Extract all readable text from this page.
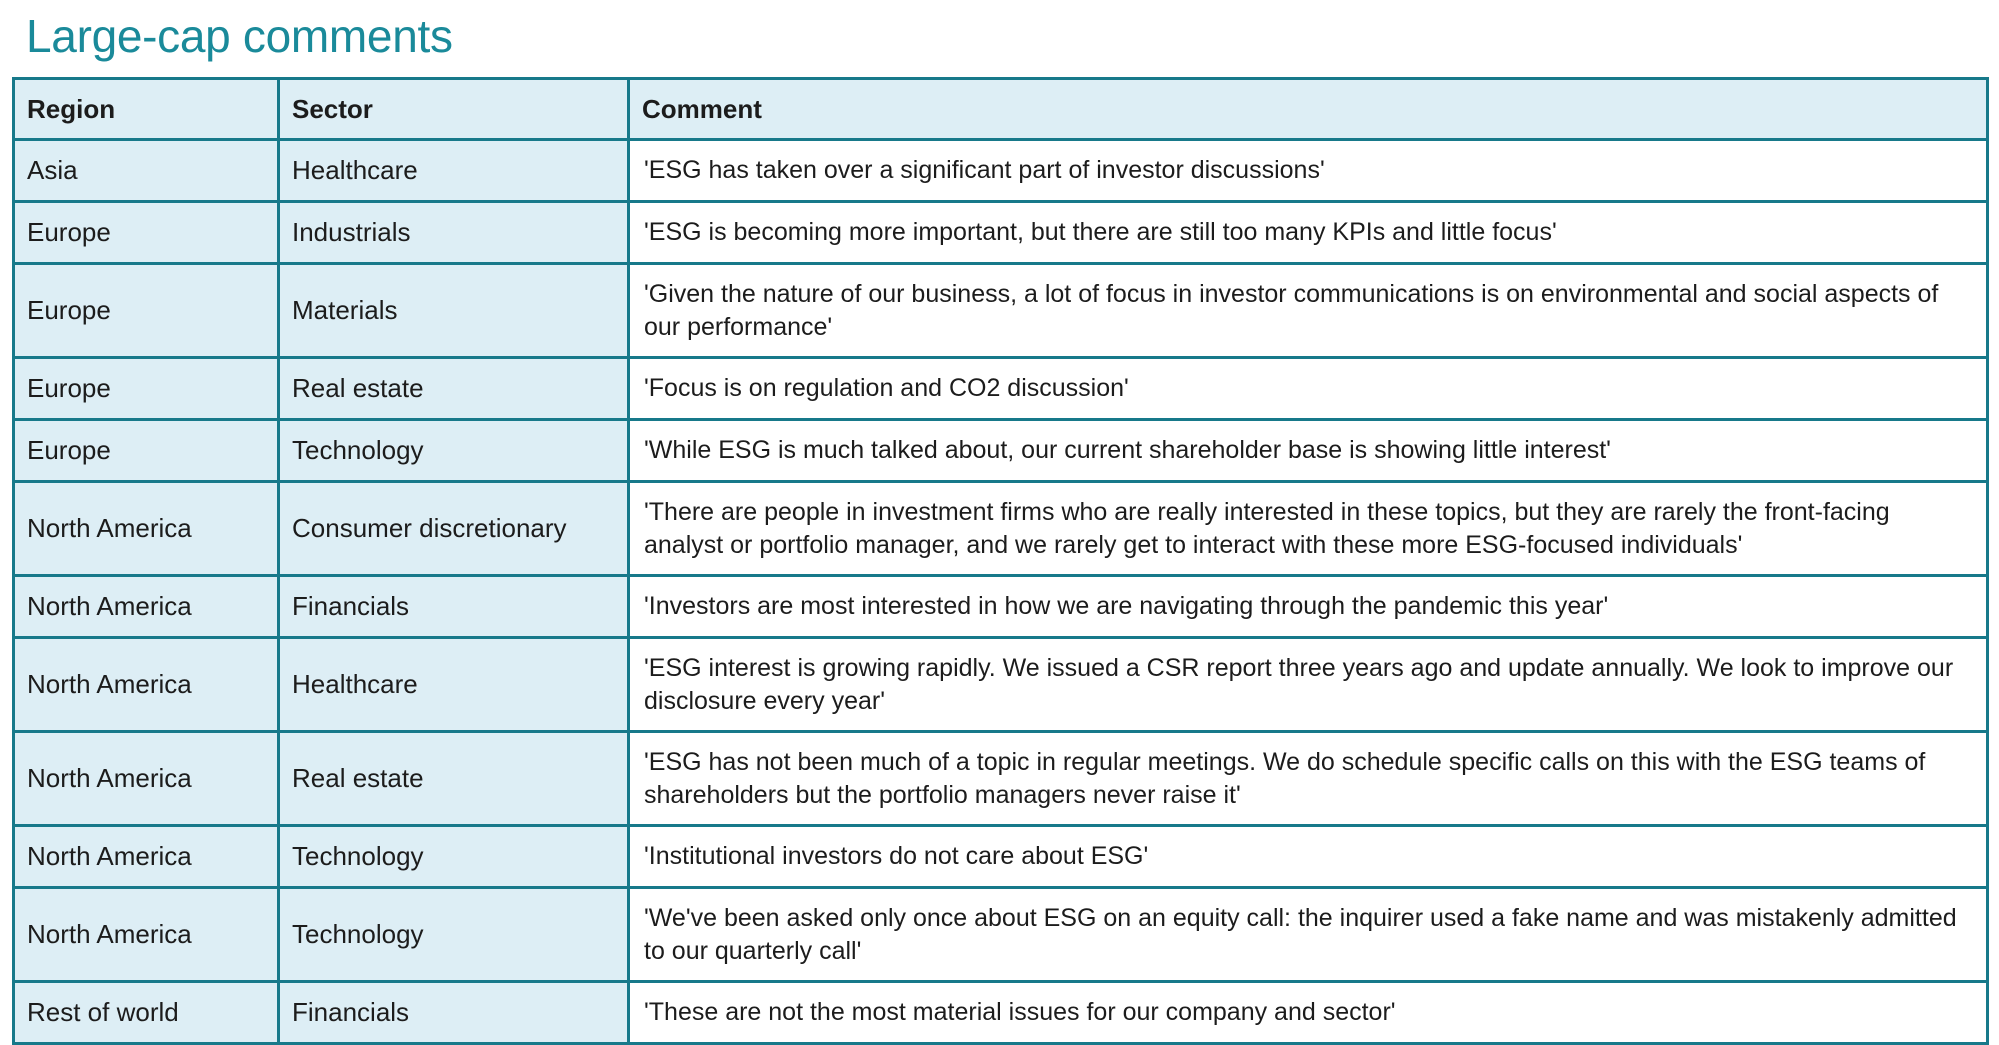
Large-cap comments
Region	Sector	Comment
Asia	Healthcare	'ESG has taken over a significant part of investor discussions'
Europe	Industrials	'ESG is becoming more important, but there are still too many KPIs and little focus'
Europe	Materials	'Given the nature of our business, a lot of focus in investor communications is on environmental and social aspects of our performance'
Europe	Real estate	'Focus is on regulation and CO2 discussion'
Europe	Technology	'While ESG is much talked about, our current shareholder base is showing little interest'
North America	Consumer discretionary	'There are people in investment firms who are really interested in these topics, but they are rarely the front-facing analyst or portfolio manager, and we rarely get to interact with these more ESG-focused individuals'
North America	Financials	'Investors are most interested in how we are navigating through the pandemic this year'
North America	Healthcare	'ESG interest is growing rapidly. We issued a CSR report three years ago and update annually. We look to improve our disclosure every year'
North America	Real estate	'ESG has not been much of a topic in regular meetings. We do schedule specific calls on this with the ESG teams of shareholders but the portfolio managers never raise it'
North America	Technology	'Institutional investors do not care about ESG'
North America	Technology	'We've been asked only once about ESG on an equity call: the inquirer used a fake name and was mistakenly admitted to our quarterly call'
Rest of world	Financials	'These are not the most material issues for our company and sector'
